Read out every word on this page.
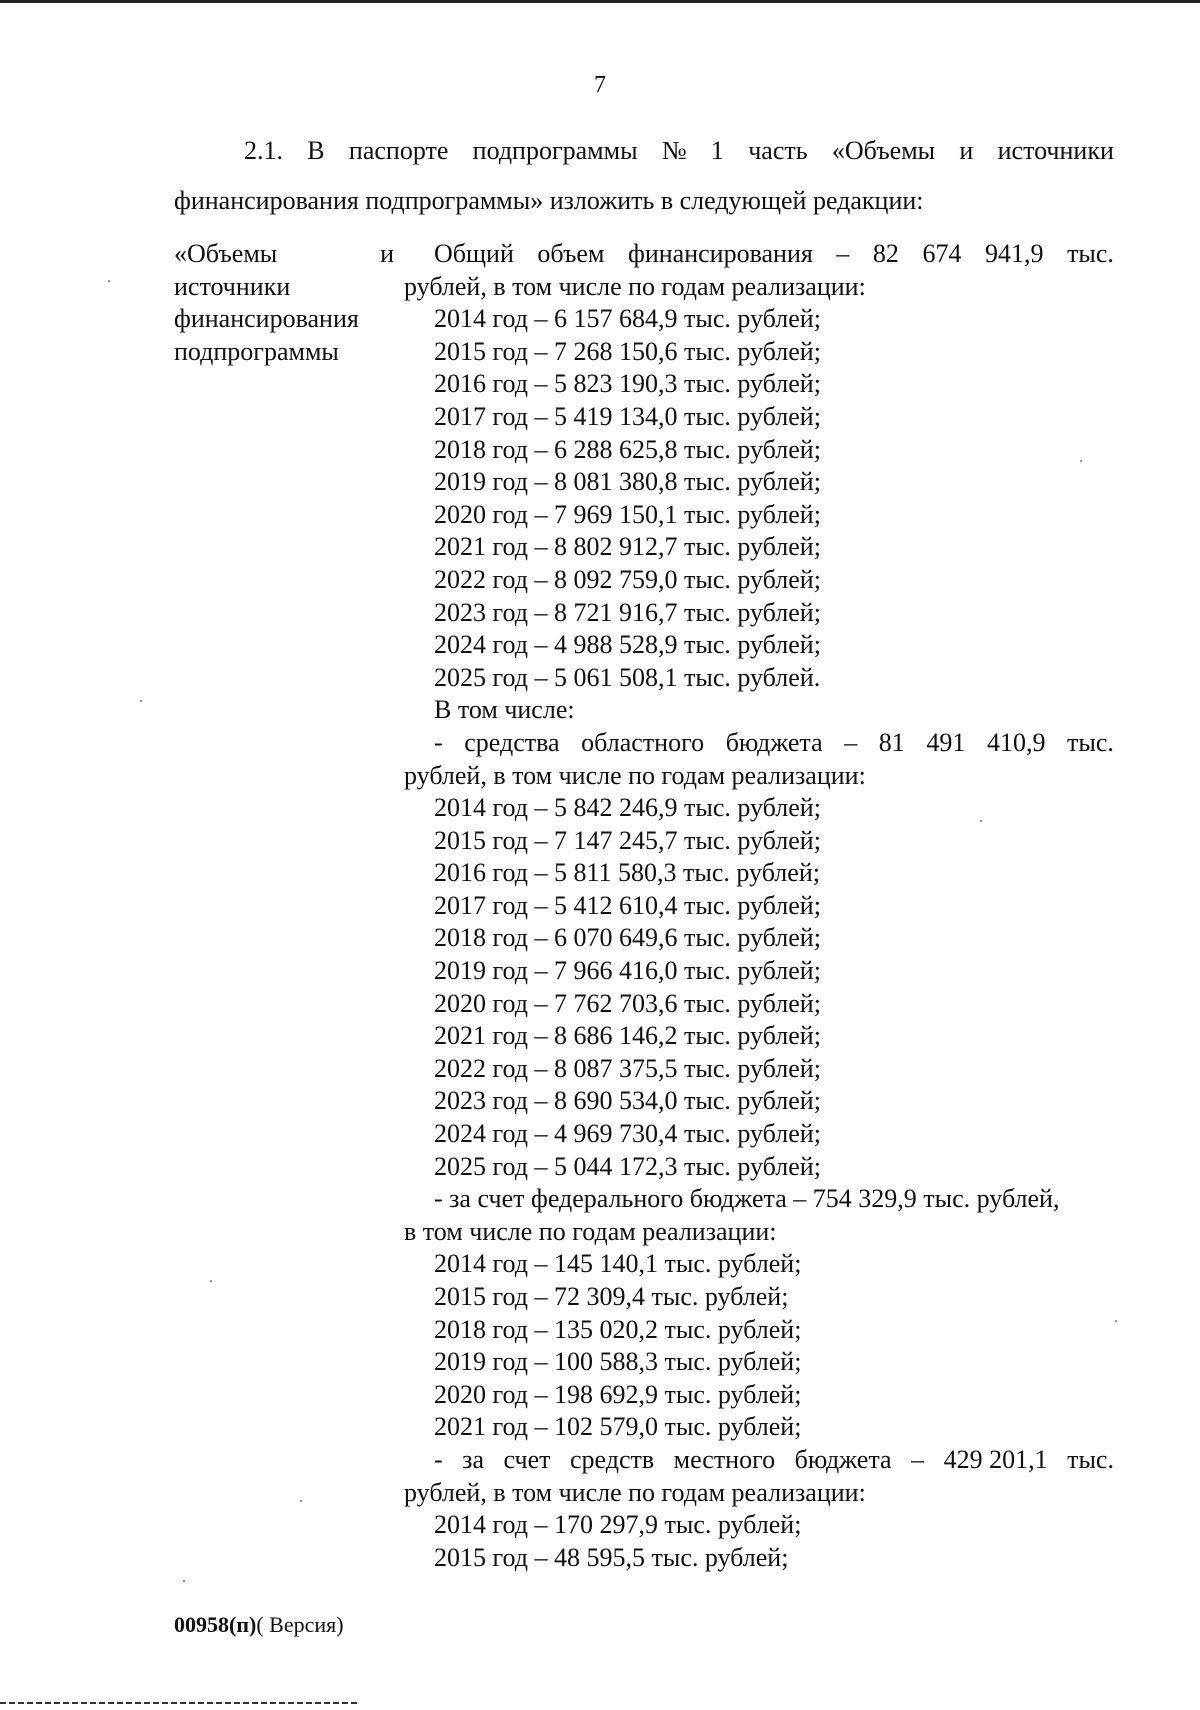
7
2.1. В паспорте подпрограммы № 1 часть «Объемы и источники
финансирования подпрограммы» изложить в следующей редакции:
«Объемы	и
источники
финансирования
подпрограммы
Общий объем финансирования – 82 674 941,9 тыс.
рублей, в том числе по годам реализации:
2014 год – 6 157 684,9 тыс. рублей;
2015 год – 7 268 150,6 тыс. рублей;
2016 год – 5 823 190,3 тыс. рублей;
2017 год – 5 419 134,0 тыс. рублей;
2018 год – 6 288 625,8 тыс. рублей;
2019 год – 8 081 380,8 тыс. рублей;
2020 год – 7 969 150,1 тыс. рублей;
2021 год – 8 802 912,7 тыс. рублей;
2022 год – 8 092 759,0 тыс. рублей;
2023 год – 8 721 916,7 тыс. рублей;
2024 год – 4 988 528,9 тыс. рублей;
2025 год – 5 061 508,1 тыс. рублей.
В том числе:
- средства областного бюджета – 81 491 410,9 тыс.
рублей, в том числе по годам реализации:
2014 год – 5 842 246,9 тыс. рублей;
2015 год – 7 147 245,7 тыс. рублей;
2016 год – 5 811 580,3 тыс. рублей;
2017 год – 5 412 610,4 тыс. рублей;
2018 год – 6 070 649,6 тыс. рублей;
2019 год – 7 966 416,0 тыс. рублей;
2020 год – 7 762 703,6 тыс. рублей;
2021 год – 8 686 146,2 тыс. рублей;
2022 год – 8 087 375,5 тыс. рублей;
2023 год – 8 690 534,0 тыс. рублей;
2024 год – 4 969 730,4 тыс. рублей;
2025 год – 5 044 172,3 тыс. рублей;
- за счет федерального бюджета – 754 329,9 тыс. рублей,
в том числе по годам реализации:
2014 год – 145 140,1 тыс. рублей;
2015 год – 72 309,4 тыс. рублей;
2018 год – 135 020,2 тыс. рублей;
2019 год – 100 588,3 тыс. рублей;
2020 год – 198 692,9 тыс. рублей;
2021 год – 102 579,0 тыс. рублей;
- за счет средств местного бюджета – 429 201,1 тыс.
рублей, в том числе по годам реализации:
2014 год – 170 297,9 тыс. рублей;
2015 год – 48 595,5 тыс. рублей;
00958(п)( Версия)
